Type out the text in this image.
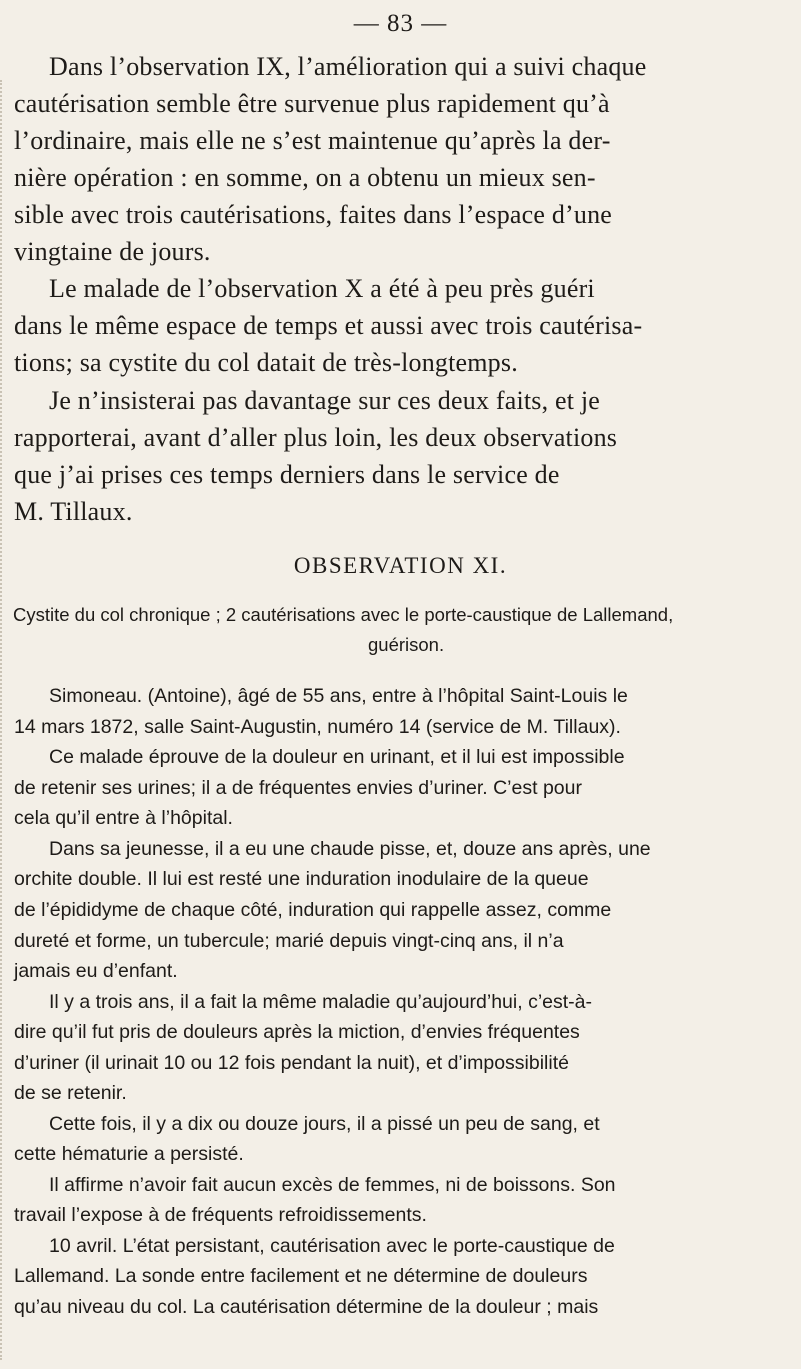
— 83 —
Dans l’observation IX, l’amélioration qui a suivi chaque
cautérisation semble être survenue plus rapidement qu’à
l’ordinaire, mais elle ne s’est maintenue qu’après la der-
nière opération : en somme, on a obtenu un mieux sen-
sible avec trois cautérisations, faites dans l’espace d’une
vingtaine de jours.
Le malade de l’observation X a été à peu près guéri
dans le même espace de temps et aussi avec trois cautérisa-
tions; sa cystite du col datait de très-longtemps.
Je n’insisterai pas davantage sur ces deux faits, et je
rapporterai, avant d’aller plus loin, les deux observations
que j’ai prises ces temps derniers dans le service de
M. Tillaux.
OBSERVATION XI.
Cystite du col chronique ; 2 cautérisations avec le porte-caustique de Lallemand,
guérison.
Simoneau. (Antoine), âgé de 55 ans, entre à l’hôpital Saint-Louis le
14 mars 1872, salle Saint-Augustin, numéro 14 (service de M. Tillaux).
Ce malade éprouve de la douleur en urinant, et il lui est impossible
de retenir ses urines; il a de fréquentes envies d’uriner. C’est pour
cela qu’il entre à l’hôpital.
Dans sa jeunesse, il a eu une chaude pisse, et, douze ans après, une
orchite double. Il lui est resté une induration inodulaire de la queue
de l’épididyme de chaque côté, induration qui rappelle assez, comme
dureté et forme, un tubercule; marié depuis vingt-cinq ans, il n’a
jamais eu d’enfant.
Il y a trois ans, il a fait la même maladie qu’aujourd’hui, c’est-à-
dire qu’il fut pris de douleurs après la miction, d’envies fréquentes
d’uriner (il urinait 10 ou 12 fois pendant la nuit), et d’impossibilité
de se retenir.
Cette fois, il y a dix ou douze jours, il a pissé un peu de sang, et
cette hématurie a persisté.
Il affirme n’avoir fait aucun excès de femmes, ni de boissons. Son
travail l’expose à de fréquents refroidissements.
10 avril. L’état persistant, cautérisation avec le porte-caustique de
Lallemand. La sonde entre facilement et ne détermine de douleurs
qu’au niveau du col. La cautérisation détermine de la douleur ; mais
